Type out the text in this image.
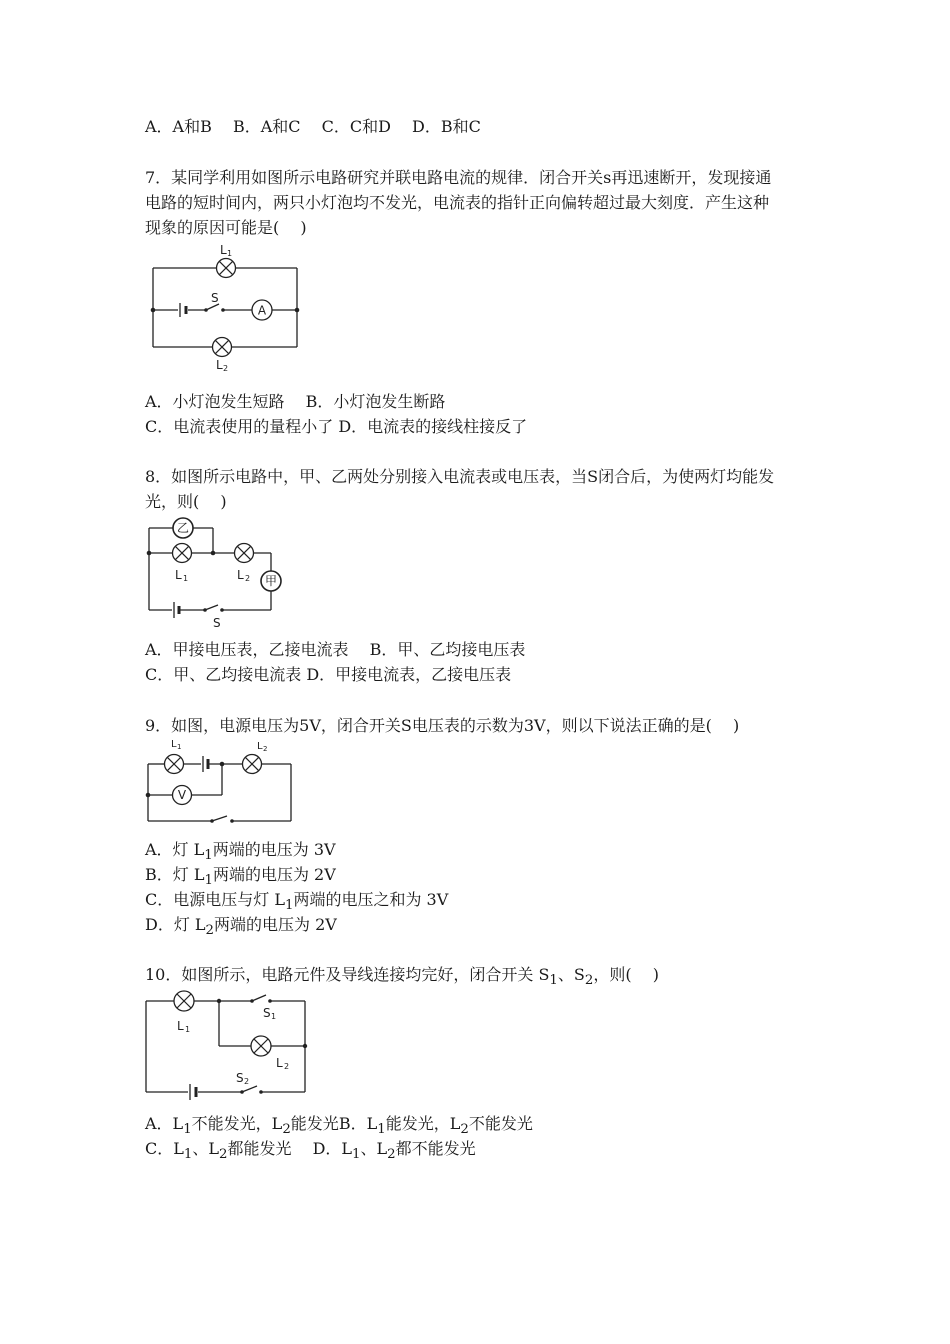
A．A和B　 B．A和C　 C．C和D　 D．B和C
7．某同学利用如图所示电路研究并联电路电流的规律．闭合开关s再迅速断开，发现接通
电路的短时间内，两只小灯泡均不发光，电流表的指针正向偏转超过最大刻度．产生这种
现象的原因可能是(　 )
A
L 1
L 2
S
A．小灯泡发生短路　 B．小灯泡发生断路
C．电流表使用的量程小了 D．电流表的接线柱接反了
8．如图所示电路中，甲、乙两处分别接入电流表或电压表，当S闭合后，为使两灯均能发
光，则(　 )
乙
甲
L 1	L 2
S
A．甲接电压表，乙接电流表　 B．甲、乙均接电压表
C．甲、乙均接电流表 D．甲接电流表，乙接电压表
9．如图，电源电压为5V，闭合开关S电压表的示数为3V，则以下说法正确的是(　 )
V
L 1	L 2
A．灯 $L_1$两端的电压为 3V
B．灯 $L_1$两端的电压为 2V
C．电源电压与灯 $L_1$两端的电压之和为 3V
D．灯 $L_2$两端的电压为 2V
10．如图所示，电路元件及导线连接均完好，闭合开关 $S_1$、$S_2$，则(　 )
L 1
L 2
S 1
S 2
A．$L_1$不能发光，$L_2$能发光B．$L_1$能发光，$L_2$不能发光
C．$L_1$、$L_2$都能发光　 D．$L_1$、$L_2$都不能发光
